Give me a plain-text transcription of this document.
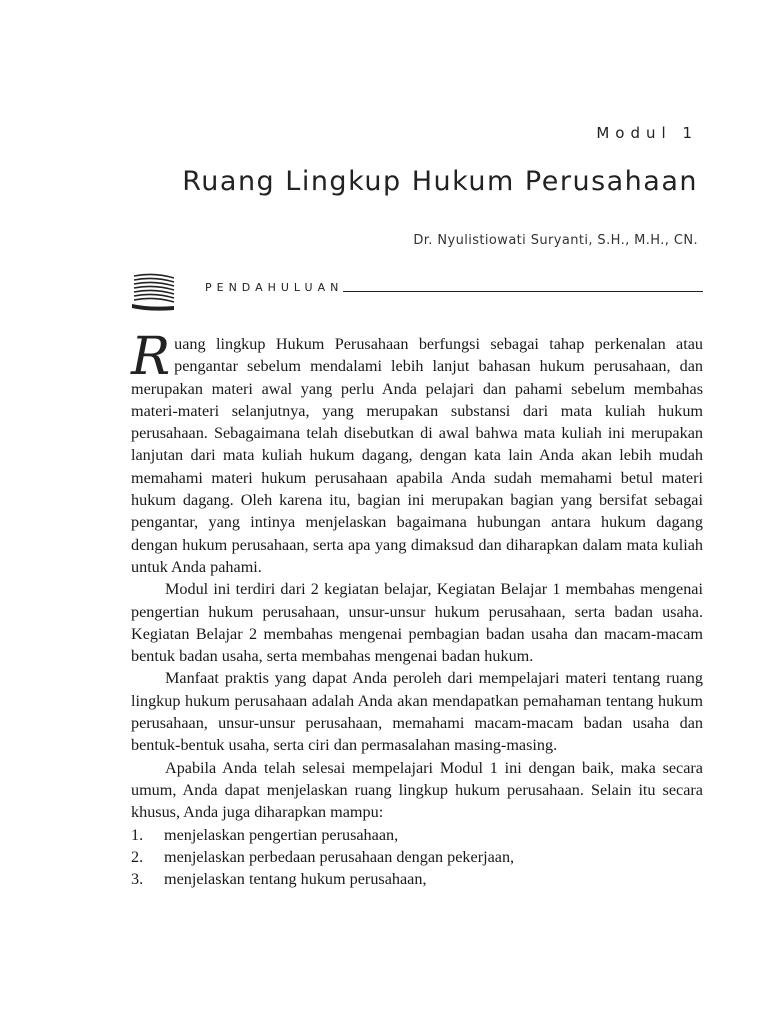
Modul 1
Ruang Lingkup Hukum Perusahaan
Dr. Nyulistiowati Suryanti, S.H., M.H., CN.
PENDAHULUAN

Ruang lingkup Hukum Perusahaan berfungsi sebagai tahap perkenalan atau pengantar sebelum mendalami lebih lanjut bahasan hukum perusahaan, dan merupakan materi awal yang perlu Anda pelajari dan pahami sebelum membahas materi-materi selanjutnya, yang merupakan substansi dari mata kuliah hukum perusahaan. Sebagaimana telah disebutkan di awal bahwa mata kuliah ini merupakan lanjutan dari mata kuliah hukum dagang, dengan kata lain Anda akan lebih mudah memahami materi hukum perusahaan apabila Anda sudah memahami betul materi hukum dagang. Oleh karena itu, bagian ini merupakan bagian yang bersifat sebagai pengantar, yang intinya menjelaskan bagaimana hubungan antara hukum dagang dengan hukum perusahaan, serta apa yang dimaksud dan diharapkan dalam mata kuliah untuk Anda pahami.

Modul ini terdiri dari 2 kegiatan belajar, Kegiatan Belajar 1 membahas mengenai pengertian hukum perusahaan, unsur-unsur hukum perusahaan, serta badan usaha. Kegiatan Belajar 2 membahas mengenai pembagian badan usaha dan macam-macam bentuk badan usaha, serta membahas mengenai badan hukum.

Manfaat praktis yang dapat Anda peroleh dari mempelajari materi tentang ruang lingkup hukum perusahaan adalah Anda akan mendapatkan pemahaman tentang hukum perusahaan, unsur-unsur perusahaan, memahami macam-macam badan usaha dan bentuk-bentuk usaha, serta ciri dan permasalahan masing-masing.

Apabila Anda telah selesai mempelajari Modul 1 ini dengan baik, maka secara umum, Anda dapat menjelaskan ruang lingkup hukum perusahaan. Selain itu secara khusus, Anda juga diharapkan mampu:

1.	menjelaskan pengertian perusahaan,
2.	menjelaskan perbedaan perusahaan dengan pekerjaan,
3.	menjelaskan tentang hukum perusahaan,
